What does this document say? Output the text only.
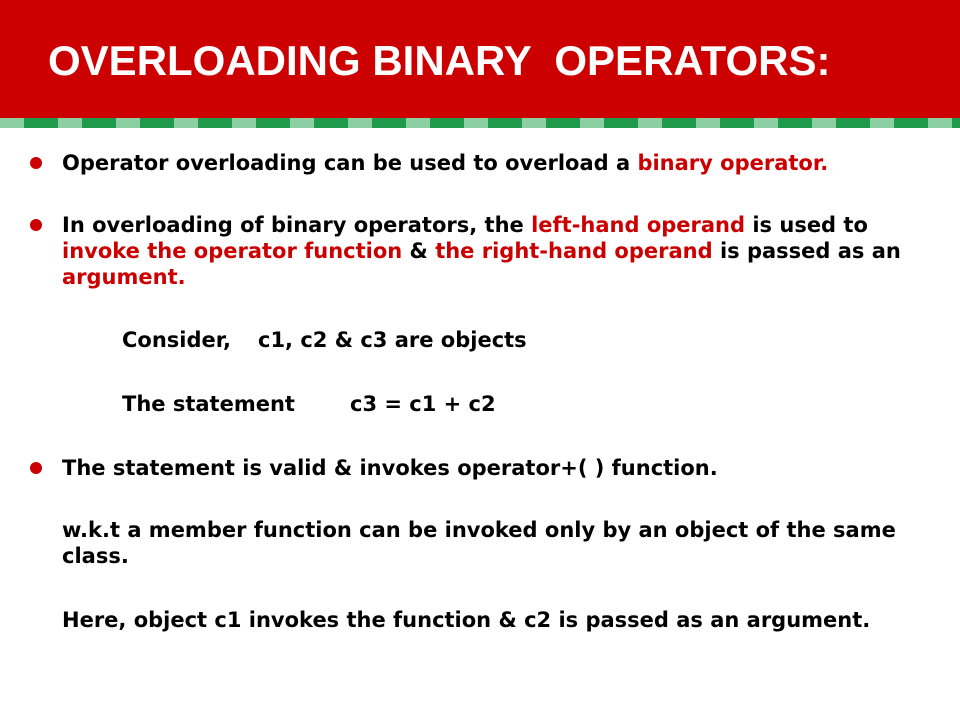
OVERLOADING BINARY  OPERATORS:

Operator overloading can be used to overload a binary operator.

In overloading of binary operators, the left-hand operand is used to invoke the operator function & the right-hand operand is passed as an argument.

Consider, c1, c2 & c3 are objects

The statement	c3 = c1 + c2

The statement is valid & invokes operator+( ) function.

w.k.t a member function can be invoked only by an object of the same class.

Here, object c1 invokes the function & c2 is passed as an argument.
